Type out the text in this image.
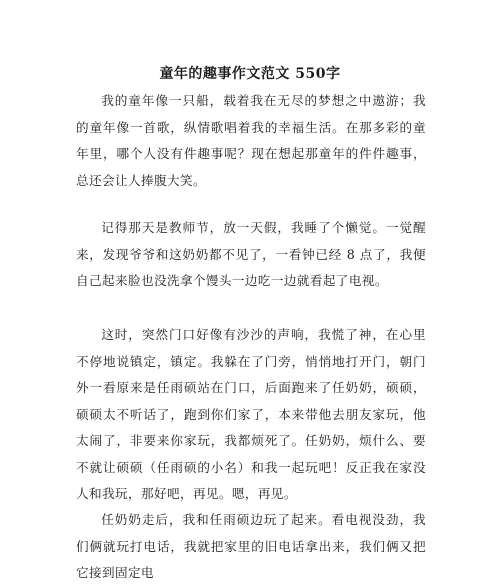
童年的趣事作文范文 550字

我的童年像一只船，载着我在无尽的梦想之中遨游；我的童年像一首歌，纵情歌唱着我的幸福生活。在那多彩的童年里，哪个人没有件趣事呢？现在想起那童年的件件趣事，总还会让人捧腹大笑。

记得那天是教师节，放一天假，我睡了个懒觉。一觉醒来，发现爷爷和这奶奶都不见了，一看钟已经 8 点了，我便自己起来脸也没洗拿个馒头一边吃一边就看起了电视。

这时，突然门口好像有沙沙的声响，我慌了神，在心里不停地说镇定，镇定。我躲在了门旁，悄悄地打开门，朝门外一看原来是任雨硕站在门口，后面跑来了任奶奶，硕硕，硕硕太不听话了，跑到你们家了，本来带他去朋友家玩，他太闹了，非要来你家玩，我都烦死了。任奶奶，烦什么、要不就让硕硕（任雨硕的小名）和我一起玩吧！反正我在家没人和我玩，那好吧，再见。嗯，再见。

任奶奶走后，我和任雨硕边玩了起来。看电视没劲，我们俩就玩打电话，我就把家里的旧电话拿出来，我们俩又把它接到固定电
